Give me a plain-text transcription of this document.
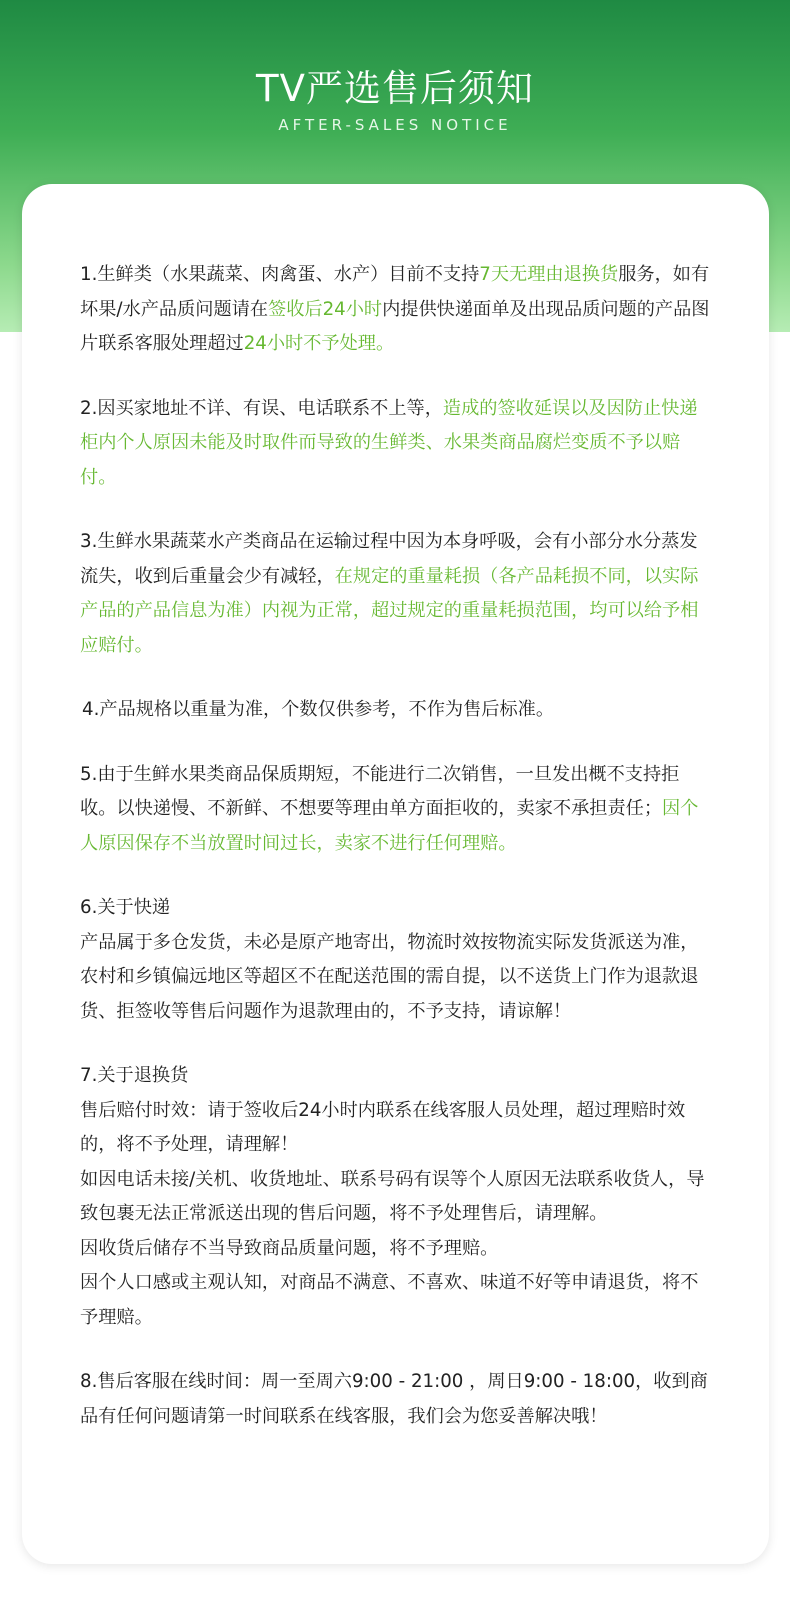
TV严选售后须知
AFTER-SALES NOTICE

1.生鲜类（水果蔬菜、肉禽蛋、水产）目前不支持7天无理由退换货服务，如有坏果/水产品质问题请在签收后24小时内提供快递面单及出现品质问题的产品图片联系客服处理超过24小时不予处理。

2.因买家地址不详、有误、电话联系不上等，造成的签收延误以及因防止快递柜内个人原因未能及时取件而导致的生鲜类、水果类商品腐烂变质不予以赔付。

3.生鲜水果蔬菜水产类商品在运输过程中因为本身呼吸，会有小部分水分蒸发流失，收到后重量会少有减轻，在规定的重量耗损（各产品耗损不同，以实际产品的产品信息为准）内视为正常，超过规定的重量耗损范围，均可以给予相应赔付。

4.产品规格以重量为准，个数仅供参考，不作为售后标准。

5.由于生鲜水果类商品保质期短，不能进行二次销售，一旦发出概不支持拒收。以快递慢、不新鲜、不想要等理由单方面拒收的，卖家不承担责任；因个人原因保存不当放置时间过长，卖家不进行任何理赔。

6.关于快递
产品属于多仓发货，未必是原产地寄出，物流时效按物流实际发货派送为准，农村和乡镇偏远地区等超区不在配送范围的需自提，以不送货上门作为退款退货、拒签收等售后问题作为退款理由的，不予支持，请谅解！

7.关于退换货
售后赔付时效：请于签收后24小时内联系在线客服人员处理，超过理赔时效的，将不予处理，请理解！
如因电话未接/关机、收货地址、联系号码有误等个人原因无法联系收货人，导致包裹无法正常派送出现的售后问题，将不予处理售后，请理解。
因收货后储存不当导致商品质量问题，将不予理赔。
因个人口感或主观认知，对商品不满意、不喜欢、味道不好等申请退货，将不予理赔。

8.售后客服在线时间：周一至周六9:00 - 21:00 ，周日9:00 - 18:00，收到商品有任何问题请第一时间联系在线客服，我们会为您妥善解决哦！
